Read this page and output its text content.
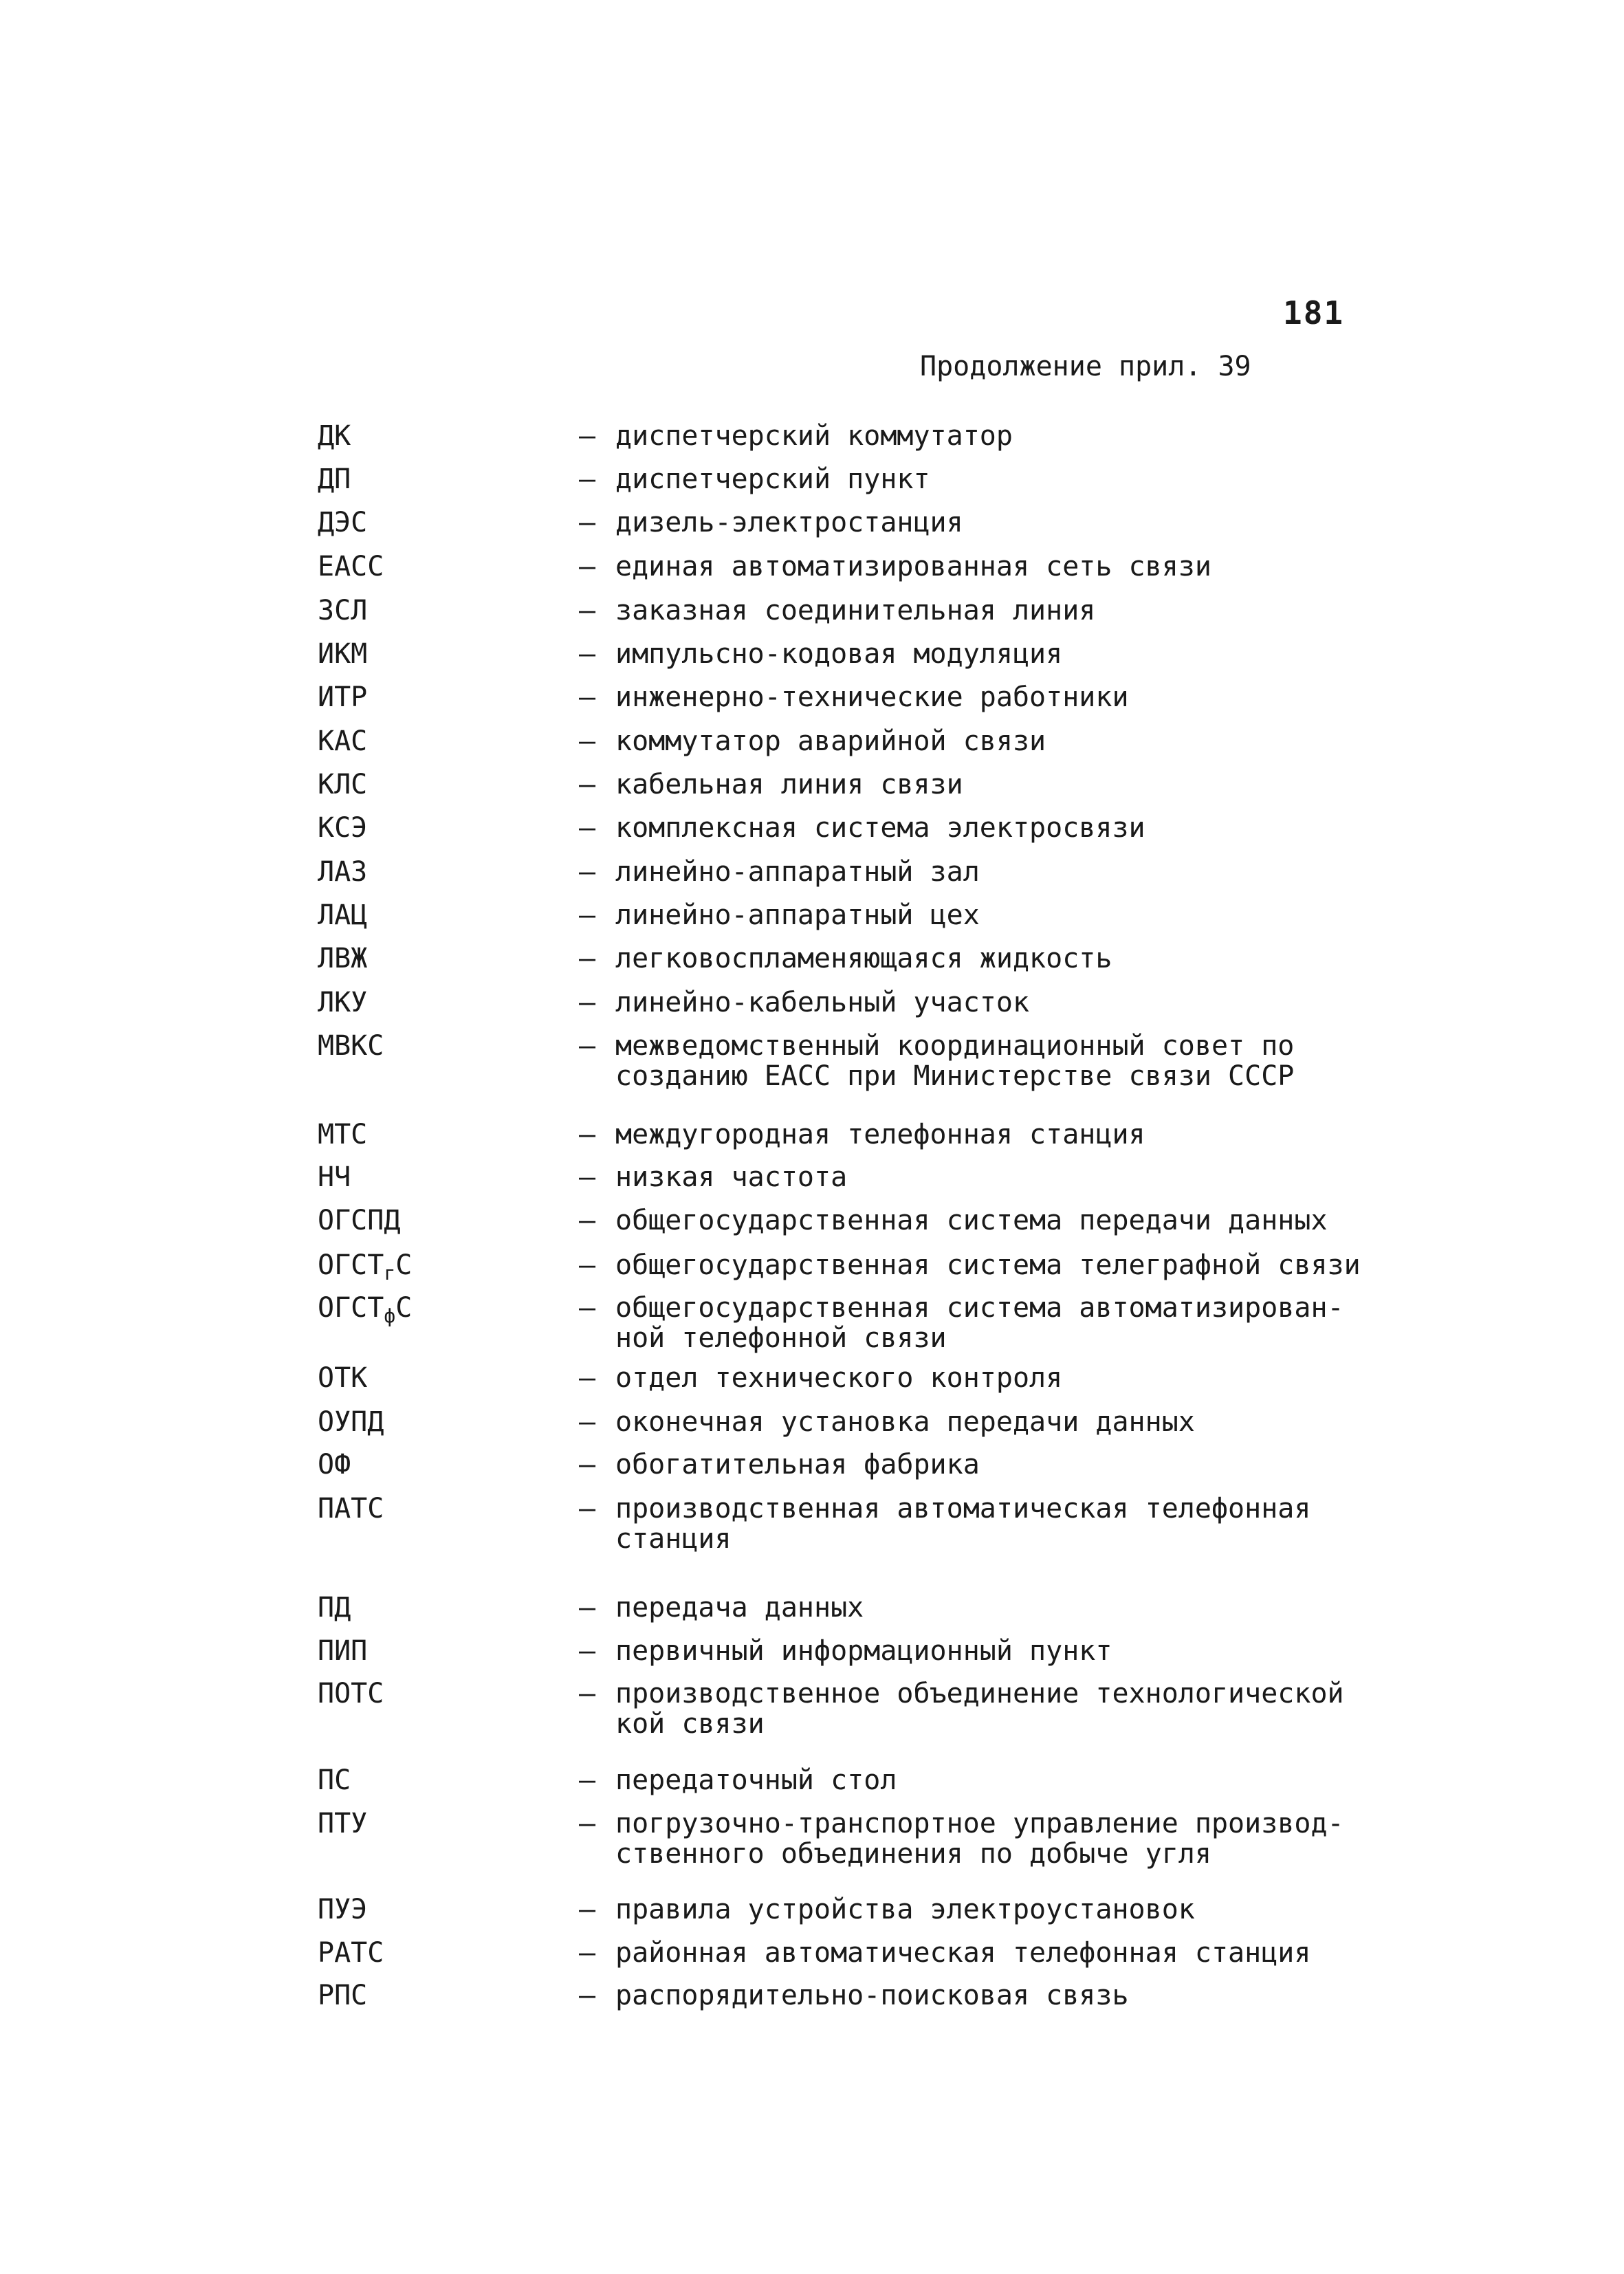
181
Продолжение прил. 39
ДК	– диспетчерский коммутатор
ДП	– диспетчерский пункт
ДЭС	– дизель-электростанция
ЕАСС	– единая автоматизированная сеть связи
ЗСЛ	– заказная соединительная линия
ИКМ	– импульсно-кодовая модуляция
ИТР	– инженерно-технические работники
КАС	– коммутатор аварийной связи
КЛС	– кабельная линия связи
КСЭ	– комплексная система электросвязи
ЛАЗ	– линейно-аппаратный зал
ЛАЦ	– линейно-аппаратный цех
ЛВЖ	– легковоспламеняющаяся жидкость
ЛКУ	– линейно-кабельный участок
МВКС	– межведомственный координационный совет по
созданию ЕАСС при Министерстве связи СССР
МТС	– междугородная телефонная станция
НЧ	– низкая частота
ОГСПД	– общегосударственная система передачи данных
$ОГСТ_гС$	– общегосударственная система телеграфной связи
$ОГСТ_фС$	– общегосударственная система автоматизирован-
ной телефонной связи
ОТК	– отдел технического контроля
ОУПД	– оконечная установка передачи данных
ОФ	– обогатительная фабрика
ПАТС	– производственная автоматическая телефонная
станция
ПД	– передача данных
ПИП	– первичный информационный пункт
ПОТС	– производственное объединение технологической
кой связи
ПС	– передаточный стол
ПТУ	– погрузочно-транспортное управление производ-
ственного объединения по добыче угля
ПУЭ	– правила устройства электроустановок
РАТС	– районная автоматическая телефонная станция
РПС	– распорядительно-поисковая связь
